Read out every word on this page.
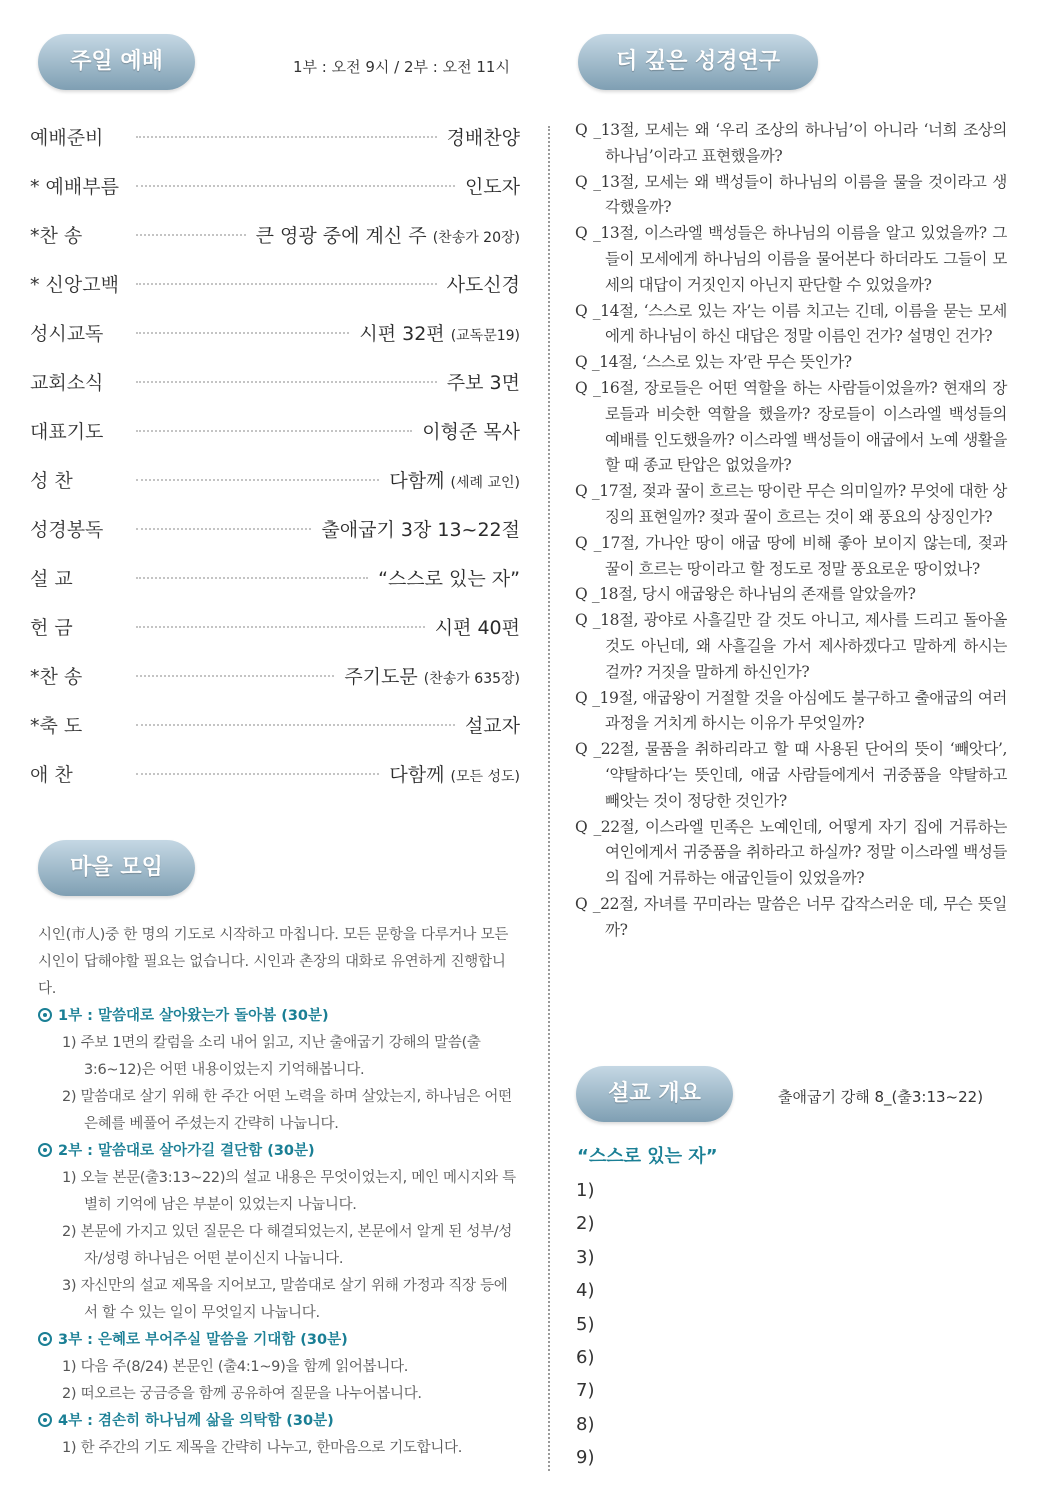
주일 예배	1부 : 오전 9시 / 2부 : 오전 11시	더 깊은 성경연구
예배준비	경배찬양
* 예배부름	인도자
*찬 송	큰 영광 중에 계신 주 (찬송가 20장)
* 신앙고백	사도신경
성시교독	시편 32편 (교독문19)
교회소식	주보 3면
대표기도	이형준 목사
성 찬	다함께 (세례 교인)
성경봉독	출애굽기 3장 13~22절
설 교	“스스로 있는 자”
헌 금	시편 40편
*찬 송	주기도문 (찬송가 635장)
*축 도	설교자
애 찬	다함께 (모든 성도)
마을 모임

시인(市人)중 한 명의 기도로 시작하고 마칩니다. 모든 문항을 다루거나 모든 시인이 답해야할 필요는 없습니다. 시인과 촌장의 대화로 유연하게 진행합니다.

1부 : 말씀대로 살아왔는가 돌아봄 (30분)

1) 주보 1면의 칼럼을 소리 내어 읽고, 지난 출애굽기 강해의 말씀(출3:6~12)은 어떤 내용이었는지 기억해봅니다.

2) 말씀대로 살기 위해 한 주간 어떤 노력을 하며 살았는지, 하나님은 어떤 은혜를 베풀어 주셨는지 간략히 나눕니다.

2부 : 말씀대로 살아가길 결단함 (30분)

1) 오늘 본문(출3:13~22)의 설교 내용은 무엇이었는지, 메인 메시지와 특별히 기억에 남은 부분이 있었는지 나눕니다.

2) 본문에 가지고 있던 질문은 다 해결되었는지, 본문에서 알게 된 성부/성자/성령 하나님은 어떤 분이신지 나눕니다.

3) 자신만의 설교 제목을 지어보고, 말씀대로 살기 위해 가정과 직장 등에서 할 수 있는 일이 무엇일지 나눕니다.

3부 : 은혜로 부어주실 말씀을 기대함 (30분)

1) 다음 주(8/24) 본문인 (출4:1~9)을 함께 읽어봅니다.

2) 떠오르는 궁금증을 함께 공유하여 질문을 나누어봅니다.

4부 : 겸손히 하나님께 삶을 의탁함 (30분)

1) 한 주간의 기도 제목을 간략히 나누고, 한마음으로 기도합니다.

Q _13절, 모세는 왜 ‘우리 조상의 하나님’이 아니라 ‘너희 조상의 하나님’이라고 표현했을까?

Q _13절, 모세는 왜 백성들이 하나님의 이름을 물을 것이라고 생각했을까?

Q _13절, 이스라엘 백성들은 하나님의 이름을 알고 있었을까? 그들이 모세에게 하나님의 이름을 물어본다 하더라도 그들이 모세의 대답이 거짓인지 아닌지 판단할 수 있었을까?

Q _14절, ‘스스로 있는 자’는 이름 치고는 긴데, 이름을 묻는 모세에게 하나님이 하신 대답은 정말 이름인 건가? 설명인 건가?

Q _14절, ‘스스로 있는 자’란 무슨 뜻인가?

Q _16절, 장로들은 어떤 역할을 하는 사람들이었을까? 현재의 장로들과 비슷한 역할을 했을까? 장로들이 이스라엘 백성들의 예배를 인도했을까? 이스라엘 백성들이 애굽에서 노예 생활을 할 때 종교 탄압은 없었을까?

Q _17절, 젖과 꿀이 흐르는 땅이란 무슨 의미일까? 무엇에 대한 상징의 표현일까? 젖과 꿀이 흐르는 것이 왜 풍요의 상징인가?

Q _17절, 가나안 땅이 애굽 땅에 비해 좋아 보이지 않는데, 젖과 꿀이 흐르는 땅이라고 할 정도로 정말 풍요로운 땅이었나?

Q _18절, 당시 애굽왕은 하나님의 존재를 알았을까?

Q _18절, 광야로 사흘길만 갈 것도 아니고, 제사를 드리고 돌아올 것도 아닌데, 왜 사흘길을 가서 제사하겠다고 말하게 하시는 걸까? 거짓을 말하게 하신인가?

Q _19절, 애굽왕이 거절할 것을 아심에도 불구하고 출애굽의 여러 과정을 거치게 하시는 이유가 무엇일까?

Q _22절, 물품을 취하리라고 할 때 사용된 단어의 뜻이 ‘빼앗다’, ‘약탈하다’는 뜻인데, 애굽 사람들에게서 귀중품을 약탈하고 빼앗는 것이 정당한 것인가?

Q _22절, 이스라엘 민족은 노예인데, 어떻게 자기 집에 거류하는 여인에게서 귀중품을 취하라고 하실까? 정말 이스라엘 백성들의 집에 거류하는 애굽인들이 있었을까?

Q _22절, 자녀를 꾸미라는 말씀은 너무 갑작스러운 데, 무슨 뜻일까?

설교 개요	출애굽기 강해 8_(출3:13~22)
“스스로 있는 자”
1)
2)
3)
4)
5)
6)
7)
8)
9)
